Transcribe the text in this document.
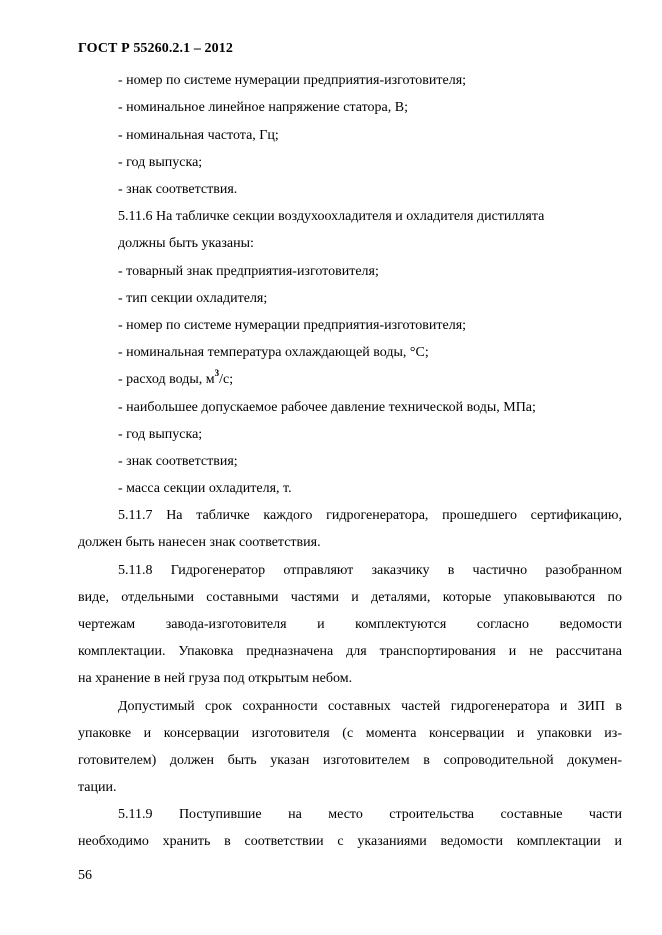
ГОСТ Р 55260.2.1 – 2012
- номер по системе нумерации предприятия-изготовителя;
- номинальное линейное напряжение статора, В;
- номинальная частота, Гц;
- год выпуска;
- знак соответствия.
5.11.6 На табличке секции воздухоохладителя и охладителя дистиллята
должны быть указаны:
- товарный знак предприятия-изготовителя;
- тип секции охладителя;
- номер по системе нумерации предприятия-изготовителя;
- номинальная температура охлаждающей воды, °С;
- расход воды, $м^3/с$;
- наибольшее допускаемое рабочее давление технической воды, МПа;
- год выпуска;
- знак соответствия;
- масса секции охладителя, т.
5.11.7 На табличке каждого гидрогенератора, прошедшего сертификацию,
должен быть нанесен знак соответствия.
5.11.8 Гидрогенератор отправляют заказчику в частично разобранном
виде, отдельными составными частями и деталями, которые упаковываются по
чертежам завода-изготовителя и комплектуются согласно ведомости
комплектации. Упаковка предназначена для транспортирования и не рассчитана
на хранение в ней груза под открытым небом.
Допустимый срок сохранности составных частей гидрогенератора и ЗИП в
упаковке и консервации изготовителя (с момента консервации и упаковки из-
готовителем) должен быть указан изготовителем в сопроводительной докумен-
тации.
5.11.9 Поступившие на место строительства составные части
необходимо хранить в соответствии с указаниями ведомости комплектации и
56
